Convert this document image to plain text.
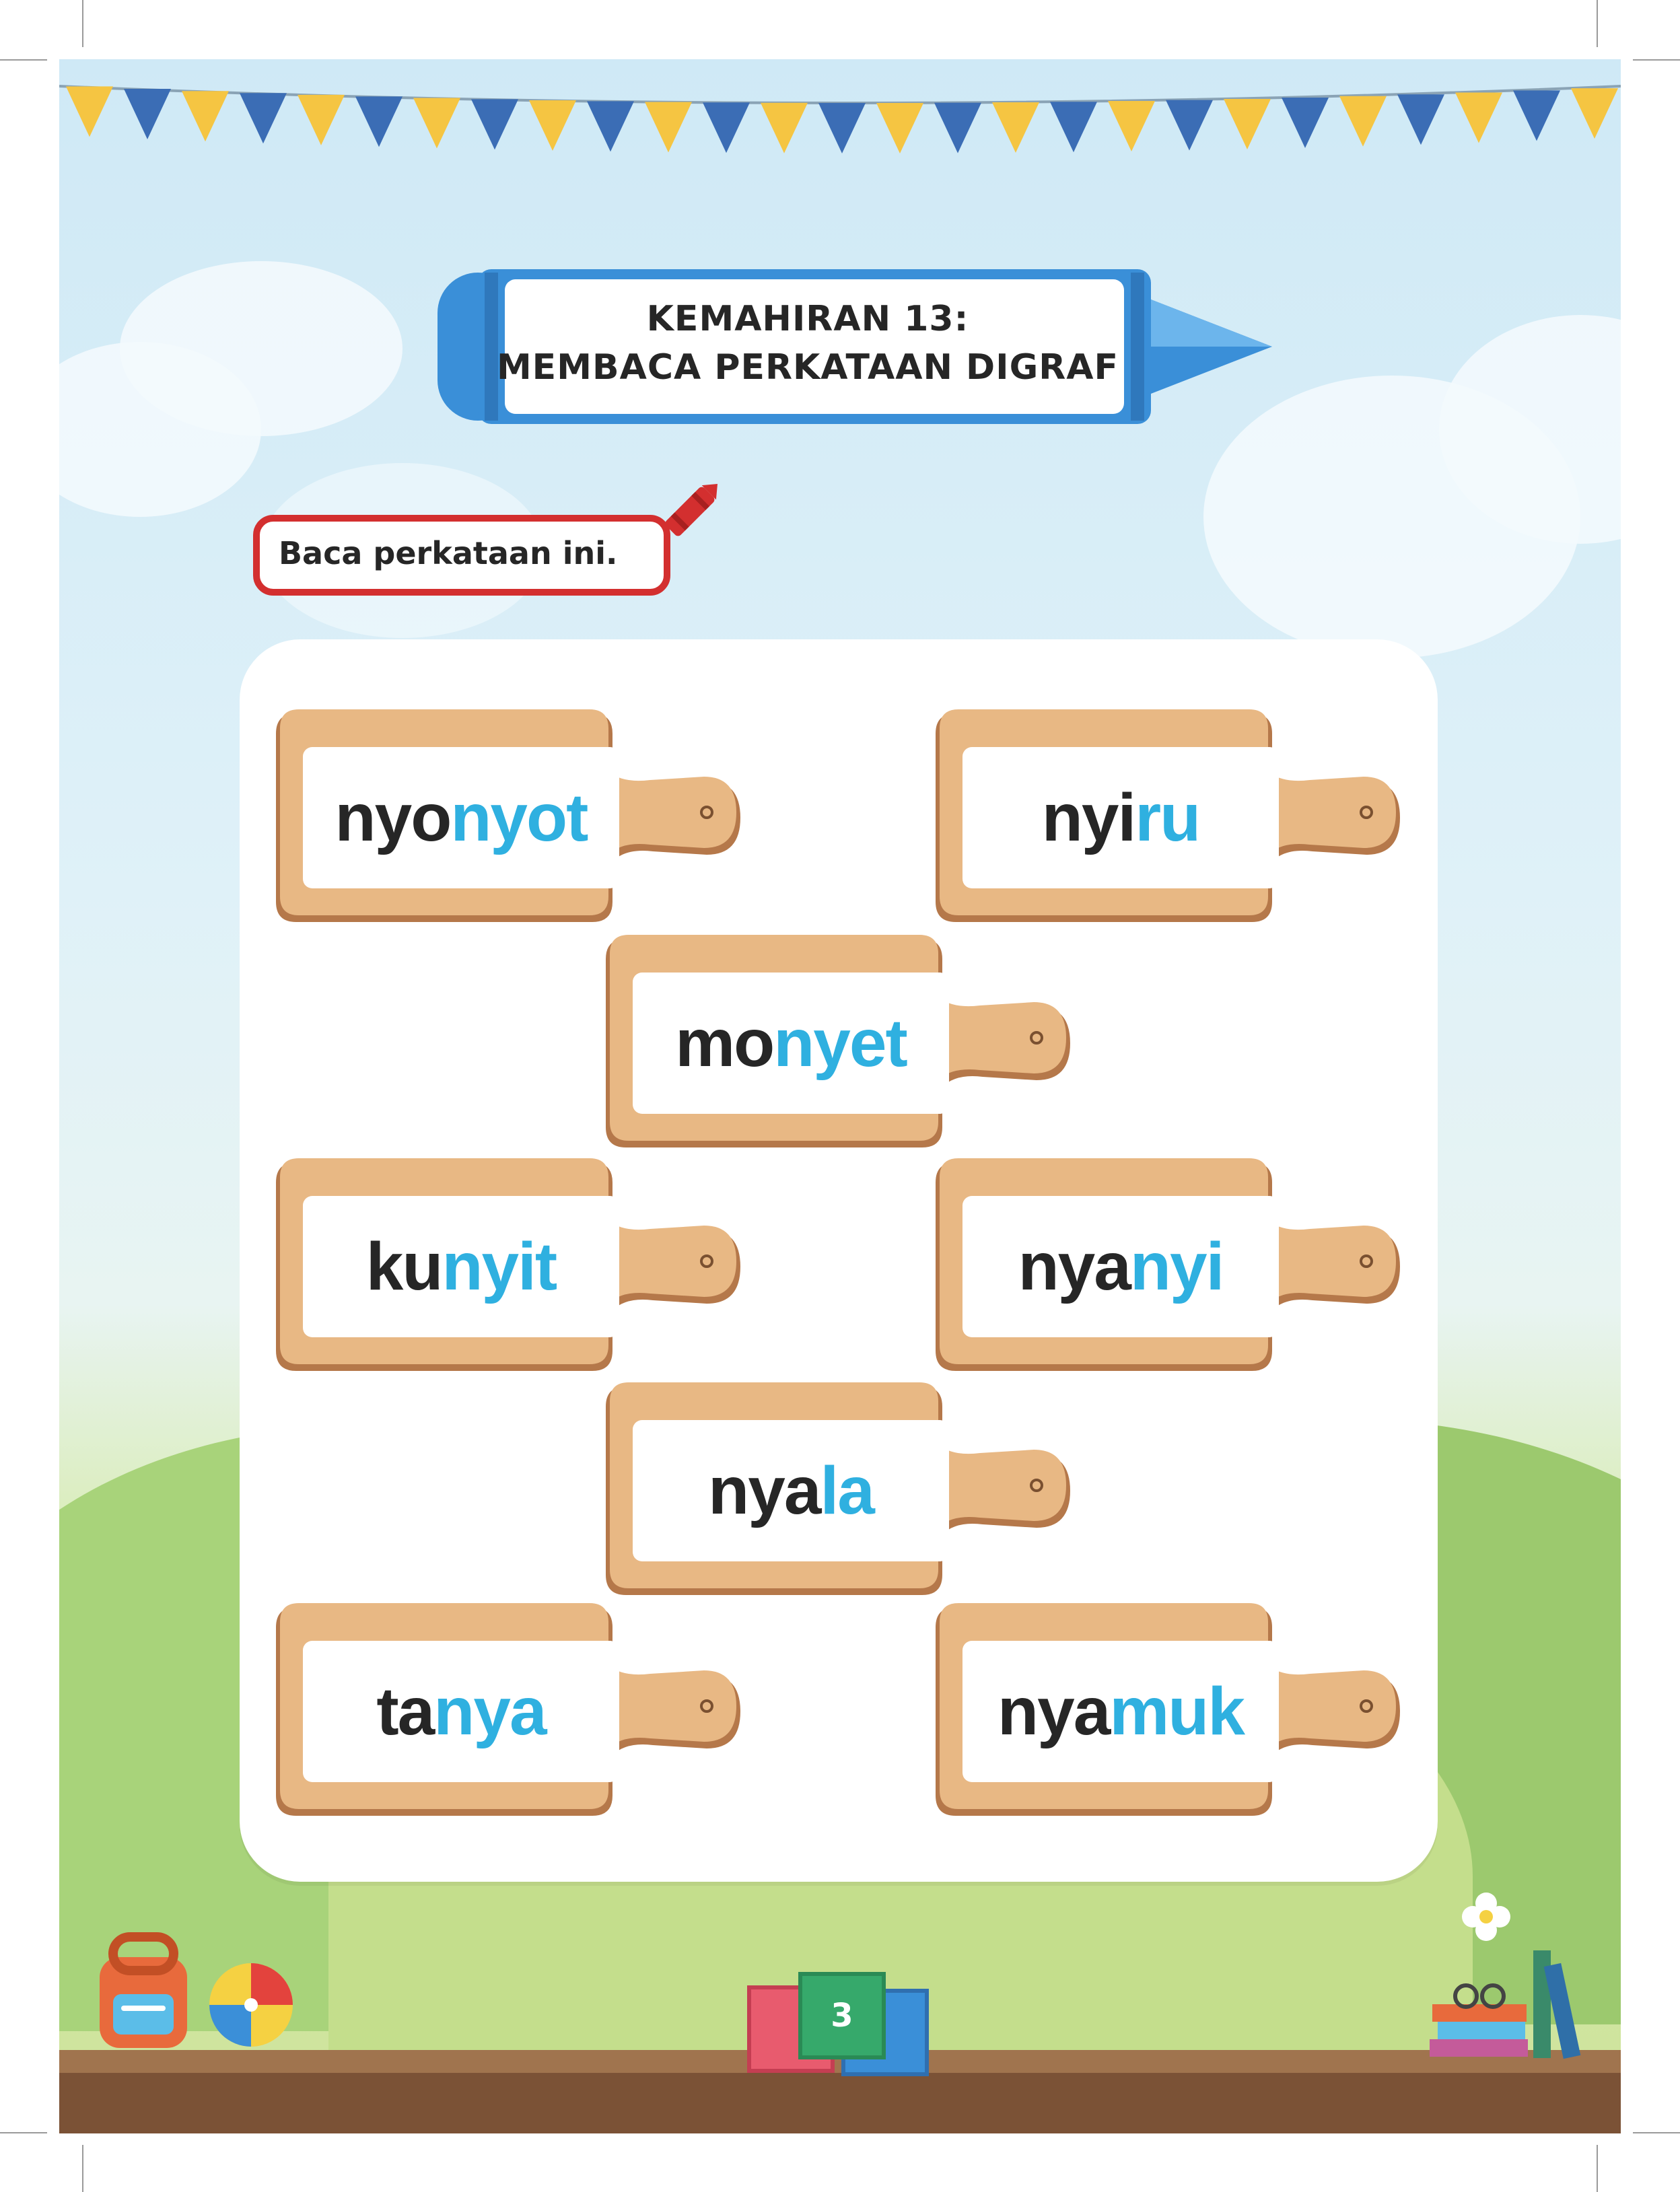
KEMAHIRAN 13:
MEMBACA PERKATAAN DIGRAF
Baca perkataan ini.
nyo nyot	nyi ru
mo nyet
ku nyit	nya nyi
nya la
ta nya	nya muk
3
